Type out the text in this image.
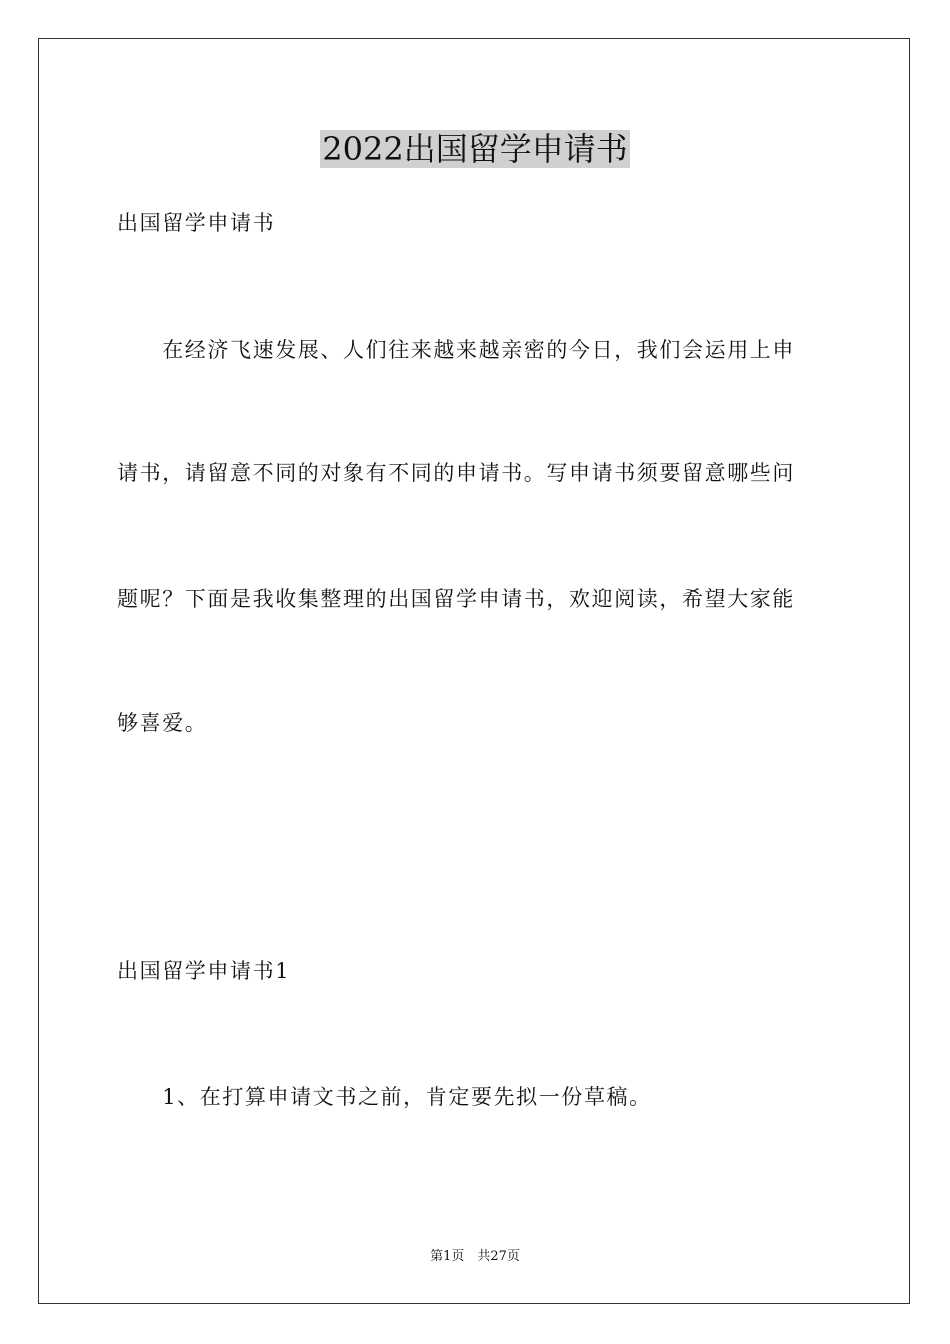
2022出国留学申请书

出国留学申请书

　　在经济飞速发展、人们往来越来越亲密的今日，我们会运用上申

请书，请留意不同的对象有不同的申请书。写申请书须要留意哪些问

题呢？下面是我收集整理的出国留学申请书，欢迎阅读，希望大家能

够喜爱。

出国留学申请书1

　　1、在打算申请文书之前，肯定要先拟一份草稿。

第1页　共27页
